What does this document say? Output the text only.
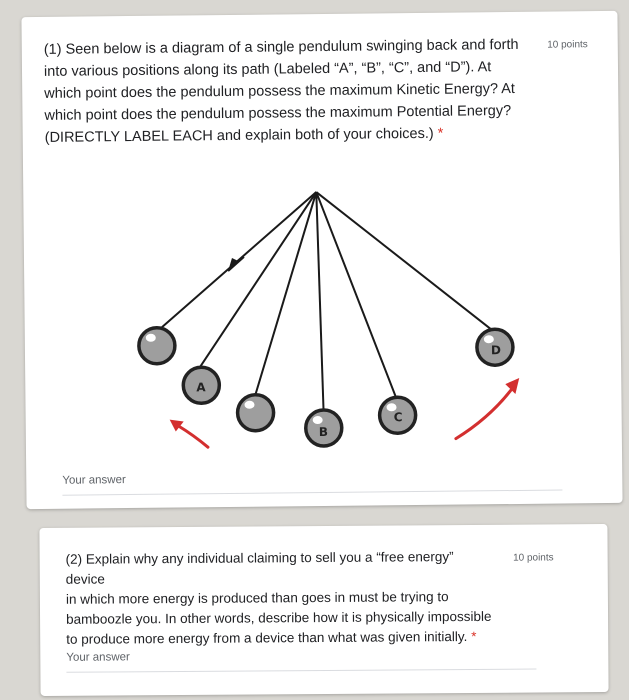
(1) Seen below is a diagram of a single pendulum swinging back and forth
into various positions along its path (Labeled “A”, “B”, “C”, and “D”). At
which point does the pendulum possess the maximum Kinetic Energy? At
which point does the pendulum possess the maximum Potential Energy?
(DIRECTLY LABEL EACH and explain both of your choices.) *
10 points
A
B
C
D
Your answer
(2) Explain why any individual claiming to sell you a “free energy” device
in which more energy is produced than goes in must be trying to
bamboozle you. In other words, describe how it is physically impossible
to produce more energy from a device than what was given initially. *
10 points
Your answer
